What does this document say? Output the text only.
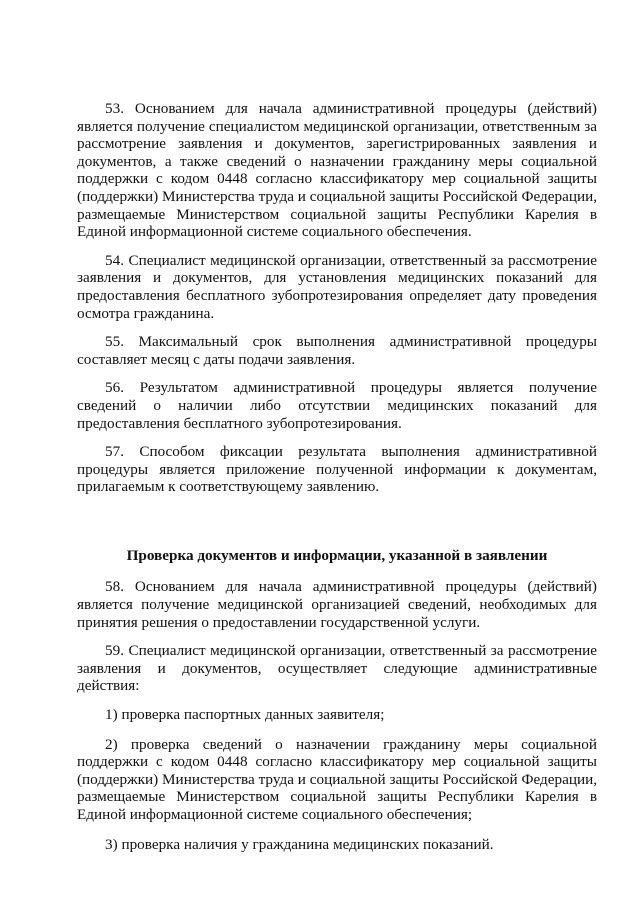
53. Основанием для начала административной процедуры (действий) является получение специалистом медицинской организации, ответственным за рассмотрение заявления и документов, зарегистрированных заявления и документов, а также сведений о назначении гражданину меры социальной поддержки с кодом 0448 согласно классификатору мер социальной защиты (поддержки) Министерства труда и социальной защиты Российской Федерации, размещаемые Министерством социальной защиты Республики Карелия в Единой информационной системе социального обеспечения.

54. Специалист медицинской организации, ответственный за рассмотрение заявления и документов, для установления медицинских показаний для предоставления бесплатного зубопротезирования определяет дату проведения осмотра гражданина.

55. Максимальный срок выполнения административной процедуры составляет месяц с даты подачи заявления.

56. Результатом административной процедуры является получение сведений о наличии либо отсутствии медицинских показаний для предоставления бесплатного зубопротезирования.

57. Способом фиксации результата выполнения административной процедуры является приложение полученной информации к документам, прилагаемым к соответствующему заявлению.

Проверка документов и информации, указанной в заявлении

58. Основанием для начала административной процедуры (действий) является получение медицинской организацией сведений, необходимых для принятия решения о предоставлении государственной услуги.

59. Специалист медицинской организации, ответственный за рассмотрение заявления и документов, осуществляет следующие административные действия:

1) проверка паспортных данных заявителя;

2) проверка сведений о назначении гражданину меры социальной поддержки с кодом 0448 согласно классификатору мер социальной защиты (поддержки) Министерства труда и социальной защиты Российской Федерации, размещаемые Министерством социальной защиты Республики Карелия в Единой информационной системе социального обеспечения;

3) проверка наличия у гражданина медицинских показаний.
